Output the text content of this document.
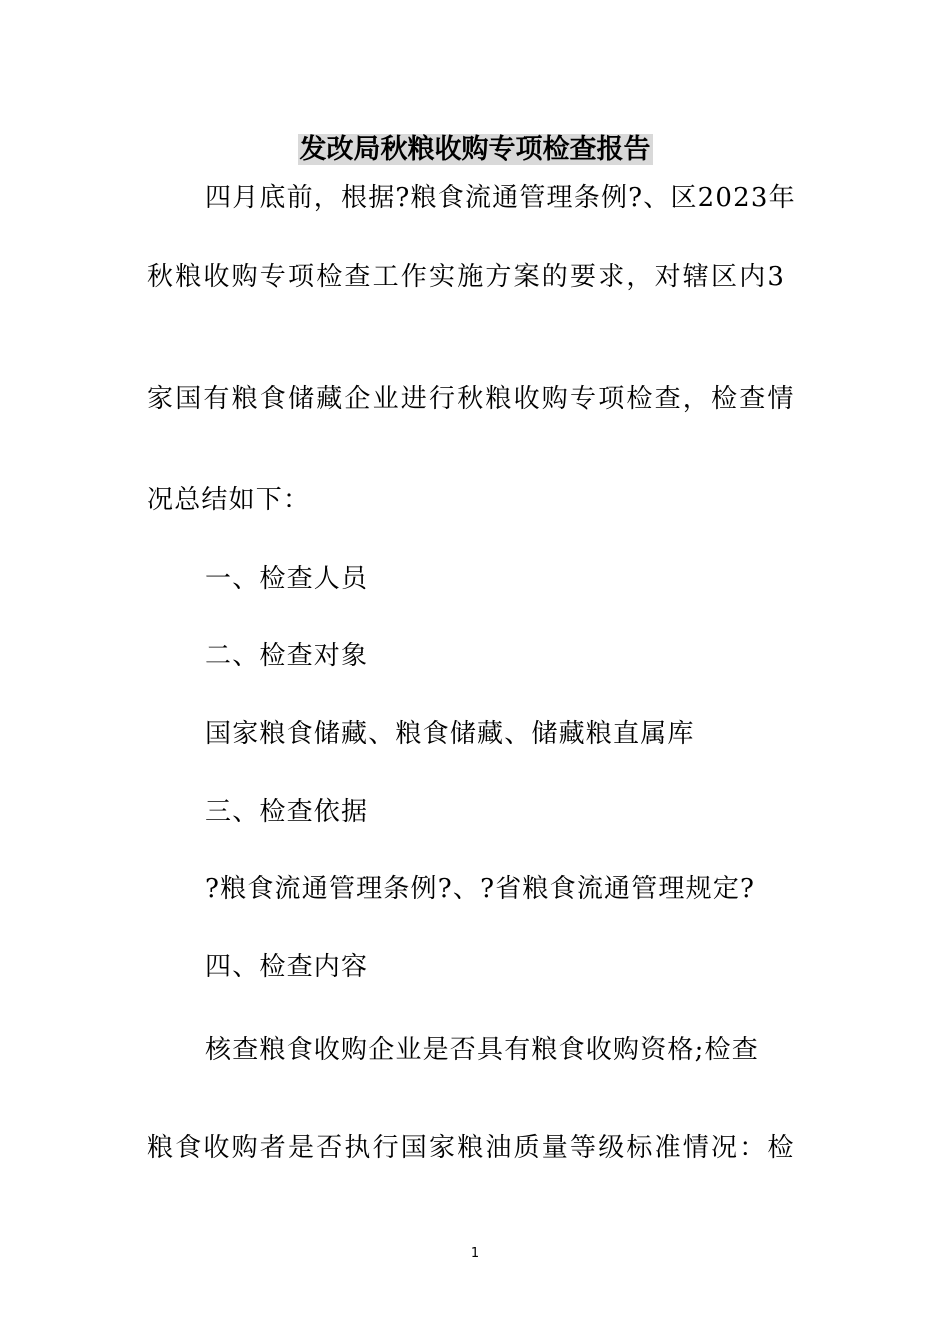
发改局秋粮收购专项检查报告
四月底前，根据?粮食流通管理条例?、区2023年
秋粮收购专项检查工作实施方案的要求，对辖区内3
家国有粮食储藏企业进行秋粮收购专项检查，检查情
况总结如下：
一、检查人员
二、检查对象
国家粮食储藏、粮食储藏、储藏粮直属库
三、检查依据
?粮食流通管理条例?、?省粮食流通管理规定?
四、检查内容
核查粮食收购企业是否具有粮食收购资格;检查
粮食收购者是否执行国家粮油质量等级标准情况：检
1
